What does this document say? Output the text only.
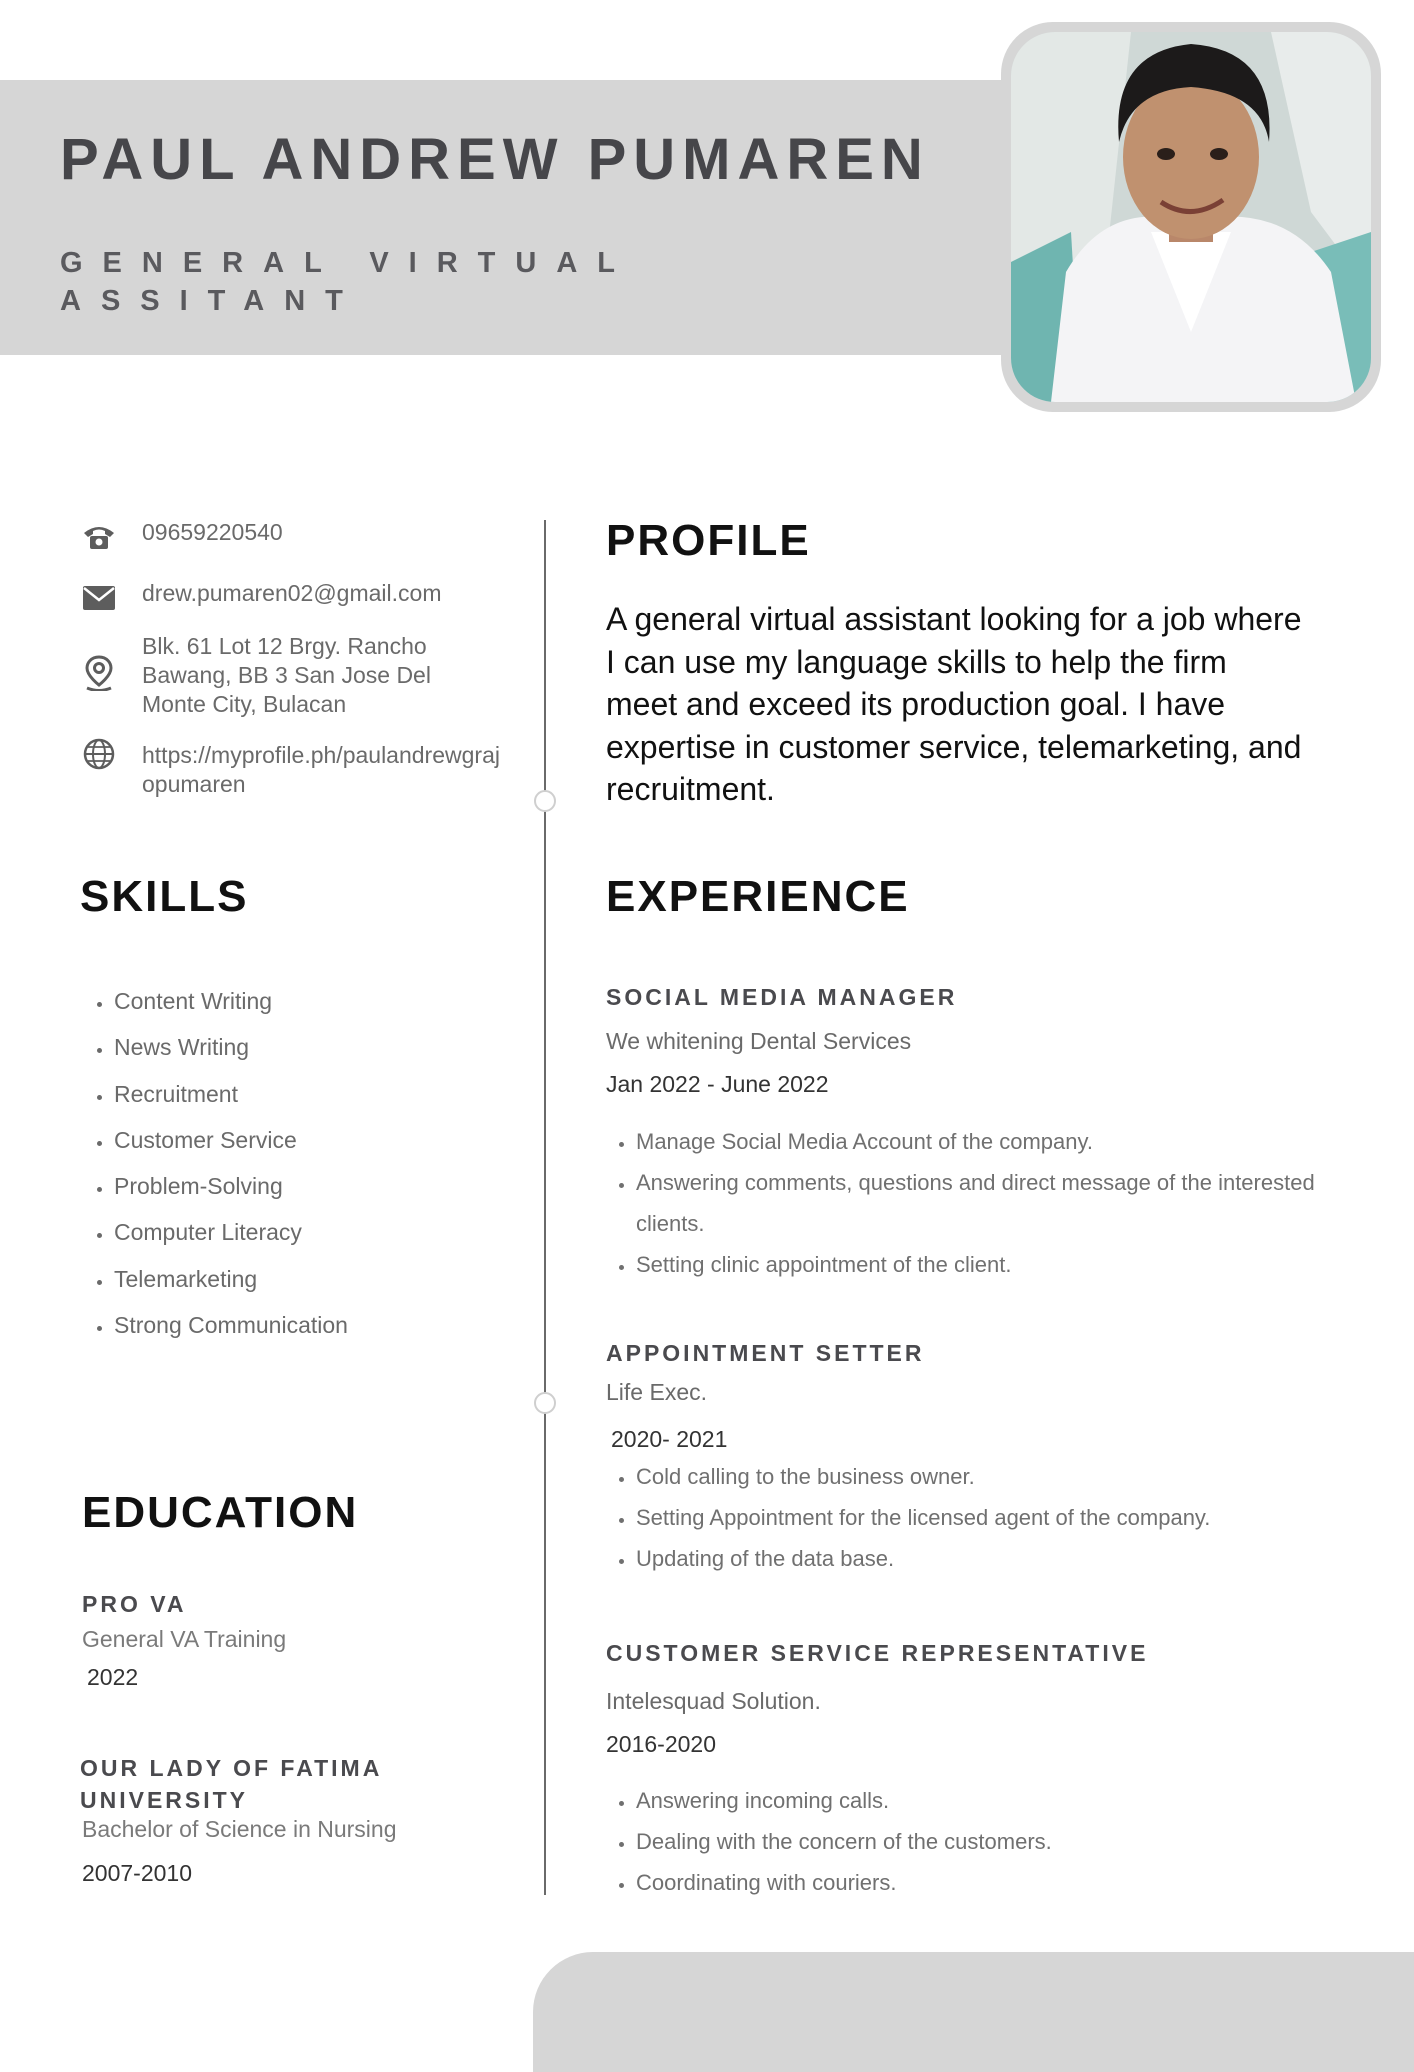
PAUL ANDREW PUMAREN
GENERAL VIRTUAL ASSITANT
09659220540
drew.pumaren02@gmail.com
Blk. 61 Lot 12 Brgy. Rancho Bawang, BB 3 San Jose Del Monte City, Bulacan
https://myprofile.ph/paulandrewgrajopumaren
SKILLS
• Content Writing
• News Writing
• Recruitment
• Customer Service
• Problem-Solving
• Computer Literacy
• Telemarketing
• Strong Communication
EDUCATION
PRO VA
General VA Training
2022
OUR LADY OF FATIMA UNIVERSITY
Bachelor of Science in Nursing
2007-2010
PROFILE
A general virtual assistant looking for a job where I can use my language skills to help the firm meet and exceed its production goal. I have expertise in customer service, telemarketing, and recruitment.
EXPERIENCE
SOCIAL MEDIA MANAGER
We whitening Dental Services
Jan 2022 - June 2022
• Manage Social Media Account of the company.
• Answering comments, questions and direct message of the interested clients.
• Setting clinic appointment of the client.
APPOINTMENT SETTER
Life Exec.
2020- 2021
• Cold calling to the business owner.
• Setting Appointment for the licensed agent of the company.
• Updating of the data base.
CUSTOMER SERVICE REPRESENTATIVE
Intelesquad Solution.
2016-2020
• Answering incoming calls.
• Dealing with the concern of the customers.
• Coordinating with couriers.
